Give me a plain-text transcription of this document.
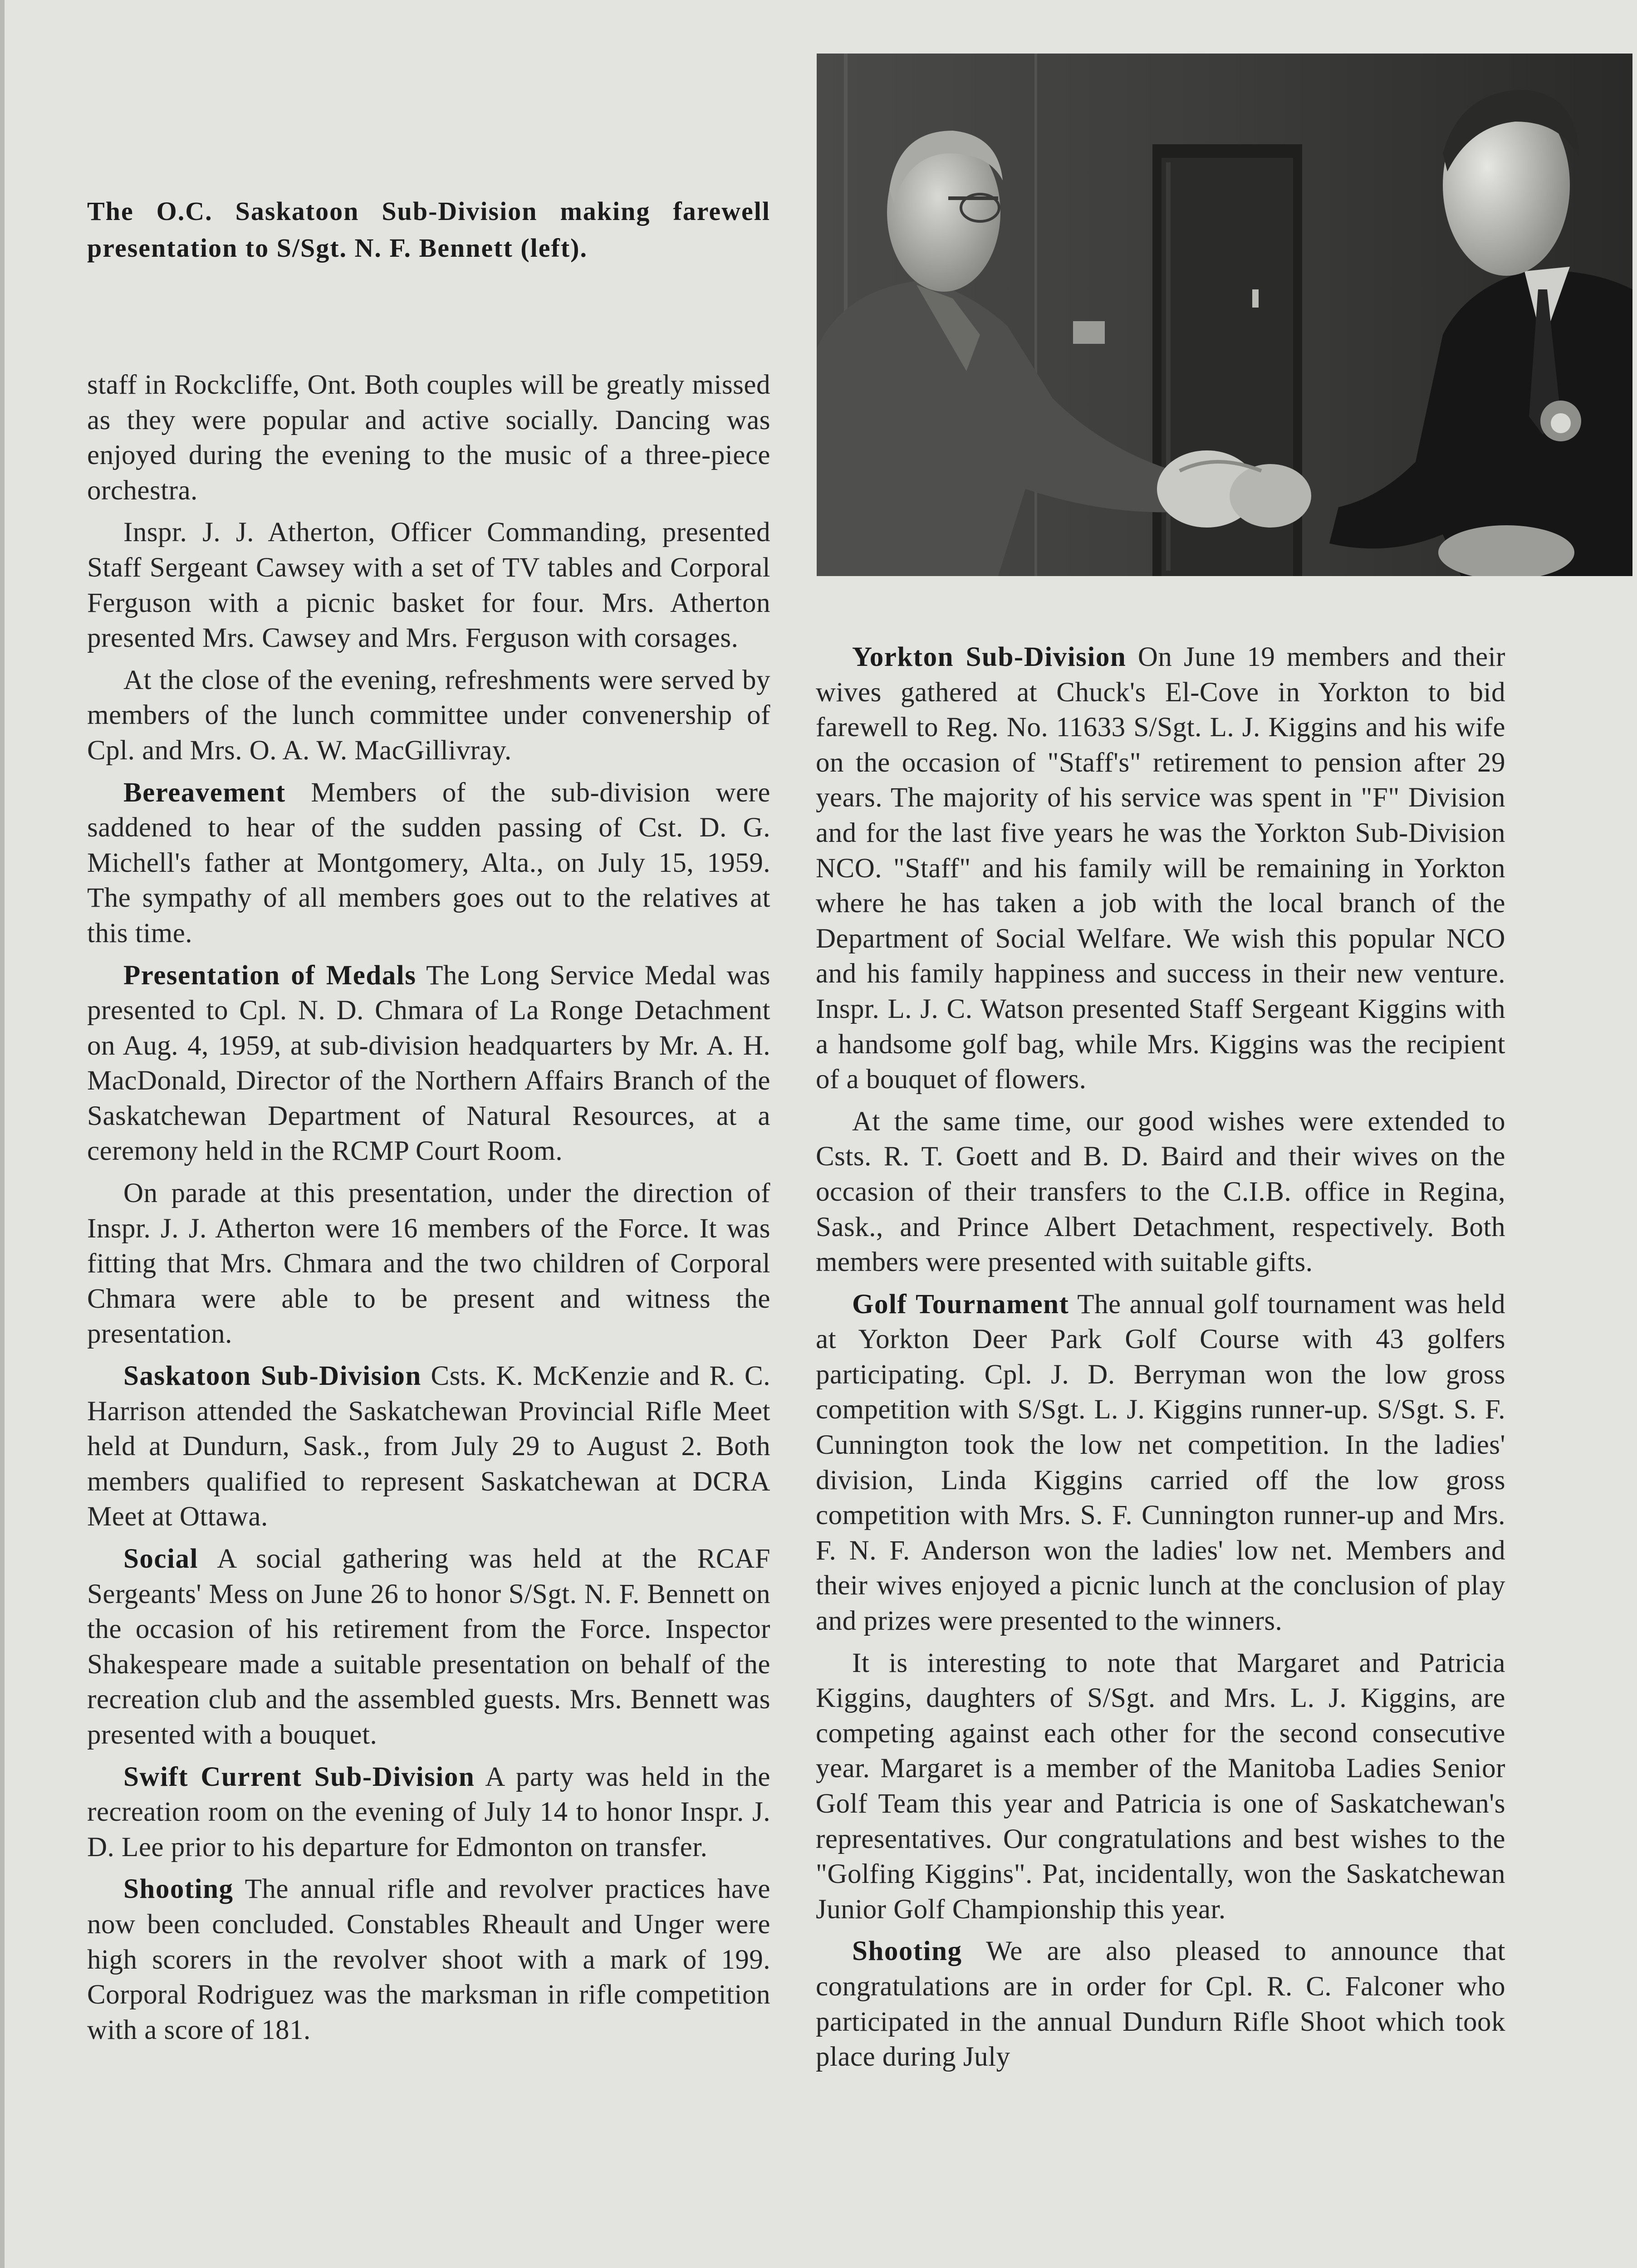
The O.C. Saskatoon Sub-Division making farewell presentation to S/Sgt. N. F. Bennett (left).

staff in Rockcliffe, Ont. Both couples will be greatly missed as they were popular and active socially. Dancing was enjoyed during the evening to the music of a three-piece orchestra.

Inspr. J. J. Atherton, Officer Commanding, presented Staff Sergeant Cawsey with a set of TV tables and Corporal Ferguson with a picnic basket for four. Mrs. Atherton presented Mrs. Cawsey and Mrs. Ferguson with corsages.

At the close of the evening, refreshments were served by members of the lunch committee under convenership of Cpl. and Mrs. O. A. W. MacGillivray.

Bereavement Members of the sub-division were saddened to hear of the sudden passing of Cst. D. G. Michell's father at Montgomery, Alta., on July 15, 1959. The sympathy of all members goes out to the relatives at this time.

Presentation of Medals The Long Service Medal was presented to Cpl. N. D. Chmara of La Ronge Detachment on Aug. 4, 1959, at sub-division headquarters by Mr. A. H. MacDonald, Director of the Northern Affairs Branch of the Saskatchewan Department of Natural Resources, at a ceremony held in the RCMP Court Room.

On parade at this presentation, under the direction of Inspr. J. J. Atherton were 16 members of the Force. It was fitting that Mrs. Chmara and the two children of Corporal Chmara were able to be present and witness the presentation.

Saskatoon Sub-Division Csts. K. McKenzie and R. C. Harrison attended the Saskatchewan Provincial Rifle Meet held at Dundurn, Sask., from July 29 to August 2. Both members qualified to represent Saskatchewan at DCRA Meet at Ottawa.

Social A social gathering was held at the RCAF Sergeants' Mess on June 26 to honor S/Sgt. N. F. Bennett on the occasion of his retirement from the Force. Inspector Shakespeare made a suitable presentation on behalf of the recreation club and the assembled guests. Mrs. Bennett was presented with a bouquet.

Swift Current Sub-Division A party was held in the recreation room on the evening of July 14 to honor Inspr. J. D. Lee prior to his departure for Edmonton on transfer.

Shooting The annual rifle and revolver practices have now been concluded. Constables Rheault and Unger were high scorers in the revolver shoot with a mark of 199. Corporal Rodriguez was the marksman in rifle competition with a score of 181.

Yorkton Sub-Division On June 19 members and their wives gathered at Chuck's El-Cove in Yorkton to bid farewell to Reg. No. 11633 S/Sgt. L. J. Kiggins and his wife on the occasion of "Staff's" retirement to pension after 29 years. The majority of his service was spent in "F" Division and for the last five years he was the Yorkton Sub-Division NCO. "Staff" and his family will be remaining in Yorkton where he has taken a job with the local branch of the Department of Social Welfare. We wish this popular NCO and his family happiness and success in their new venture. Inspr. L. J. C. Watson presented Staff Sergeant Kiggins with a handsome golf bag, while Mrs. Kiggins was the recipient of a bouquet of flowers.

At the same time, our good wishes were extended to Csts. R. T. Goett and B. D. Baird and their wives on the occasion of their transfers to the C.I.B. office in Regina, Sask., and Prince Albert Detachment, respectively. Both members were presented with suitable gifts.

Golf Tournament The annual golf tournament was held at Yorkton Deer Park Golf Course with 43 golfers participating. Cpl. J. D. Berryman won the low gross competition with S/Sgt. L. J. Kiggins runner-up. S/Sgt. S. F. Cunnington took the low net competition. In the ladies' division, Linda Kiggins carried off the low gross competition with Mrs. S. F. Cunnington runner-up and Mrs. F. N. F. Anderson won the ladies' low net. Members and their wives enjoyed a picnic lunch at the conclusion of play and prizes were presented to the winners.

It is interesting to note that Margaret and Patricia Kiggins, daughters of S/Sgt. and Mrs. L. J. Kiggins, are competing against each other for the second consecutive year. Margaret is a member of the Manitoba Ladies Senior Golf Team this year and Patricia is one of Saskatchewan's representatives. Our congratulations and best wishes to the "Golfing Kiggins". Pat, incidentally, won the Saskatchewan Junior Golf Championship this year.

Shooting We are also pleased to announce that congratulations are in order for Cpl. R. C. Falconer who participated in the annual Dundurn Rifle Shoot which took place during July
